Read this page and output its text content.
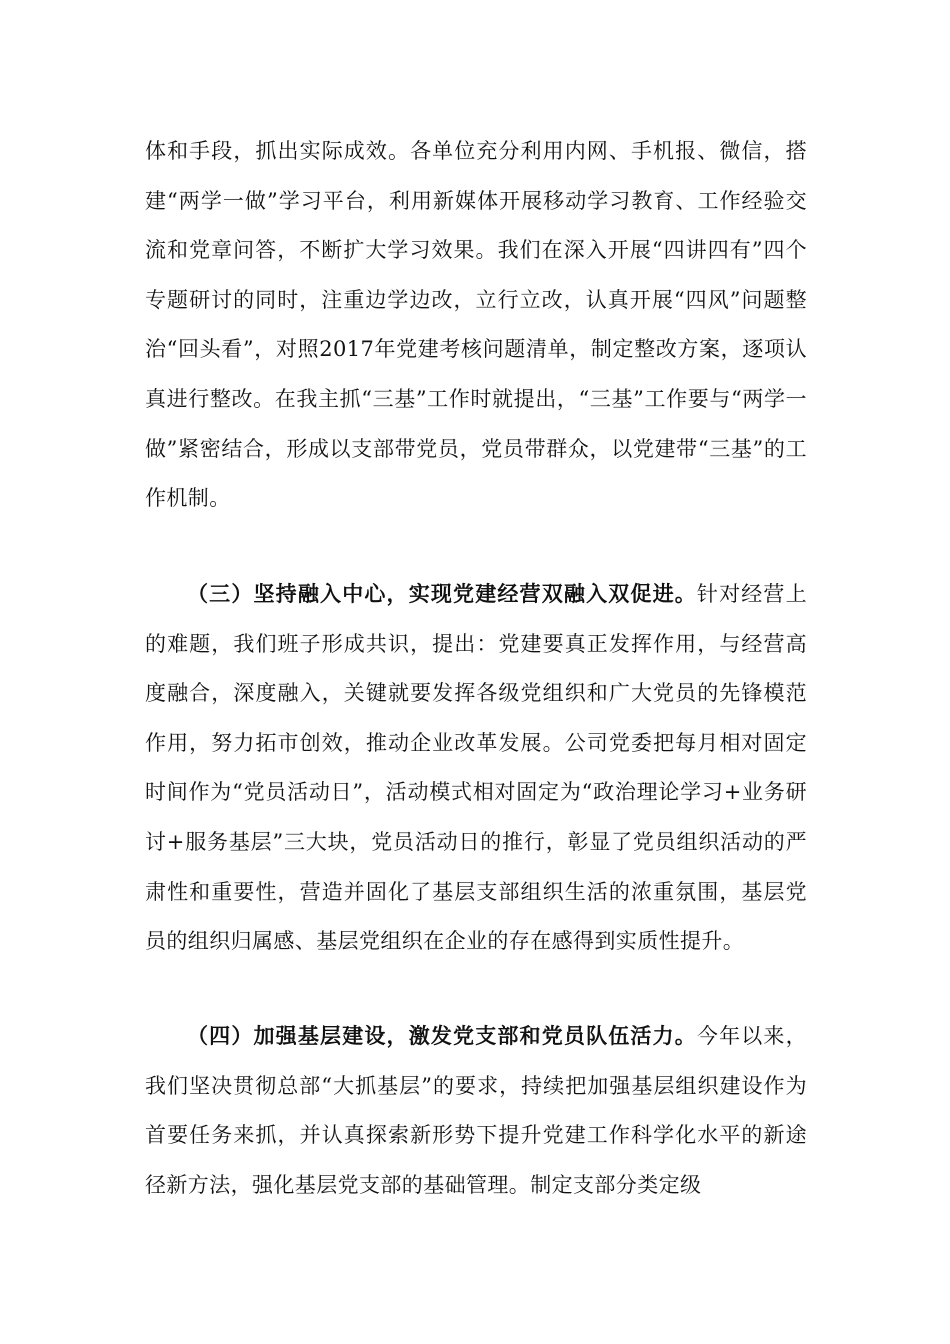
体和手段，抓出实际成效。各单位充分利用内网、手机报、微信，搭建“两学一做”学习平台，利用新媒体开展移动学习教育、工作经验交流和党章问答，不断扩大学习效果。我们在深入开展“四讲四有”四个专题研讨的同时，注重边学边改，立行立改，认真开展“四风”问题整治“回头看”，对照2017年党建考核问题清单，制定整改方案，逐项认真进行整改。在我主抓“三基”工作时就提出，“三基”工作要与“两学一做”紧密结合，形成以支部带党员，党员带群众，以党建带“三基”的工作机制。

（三）坚持融入中心，实现党建经营双融入双促进。针对经营上的难题，我们班子形成共识，提出：党建要真正发挥作用，与经营高度融合，深度融入，关键就要发挥各级党组织和广大党员的先锋模范作用，努力拓市创效，推动企业改革发展。公司党委把每月相对固定时间作为“党员活动日”，活动模式相对固定为“政治理论学习+业务研讨+服务基层”三大块，党员活动日的推行，彰显了党员组织活动的严肃性和重要性，营造并固化了基层支部组织生活的浓重氛围，基层党员的组织归属感、基层党组织在企业的存在感得到实质性提升。

（四）加强基层建设，激发党支部和党员队伍活力。今年以来，我们坚决贯彻总部“大抓基层”的要求，持续把加强基层组织建设作为首要任务来抓，并认真探索新形势下提升党建工作科学化水平的新途径新方法，强化基层党支部的基础管理。制定支部分类定级
